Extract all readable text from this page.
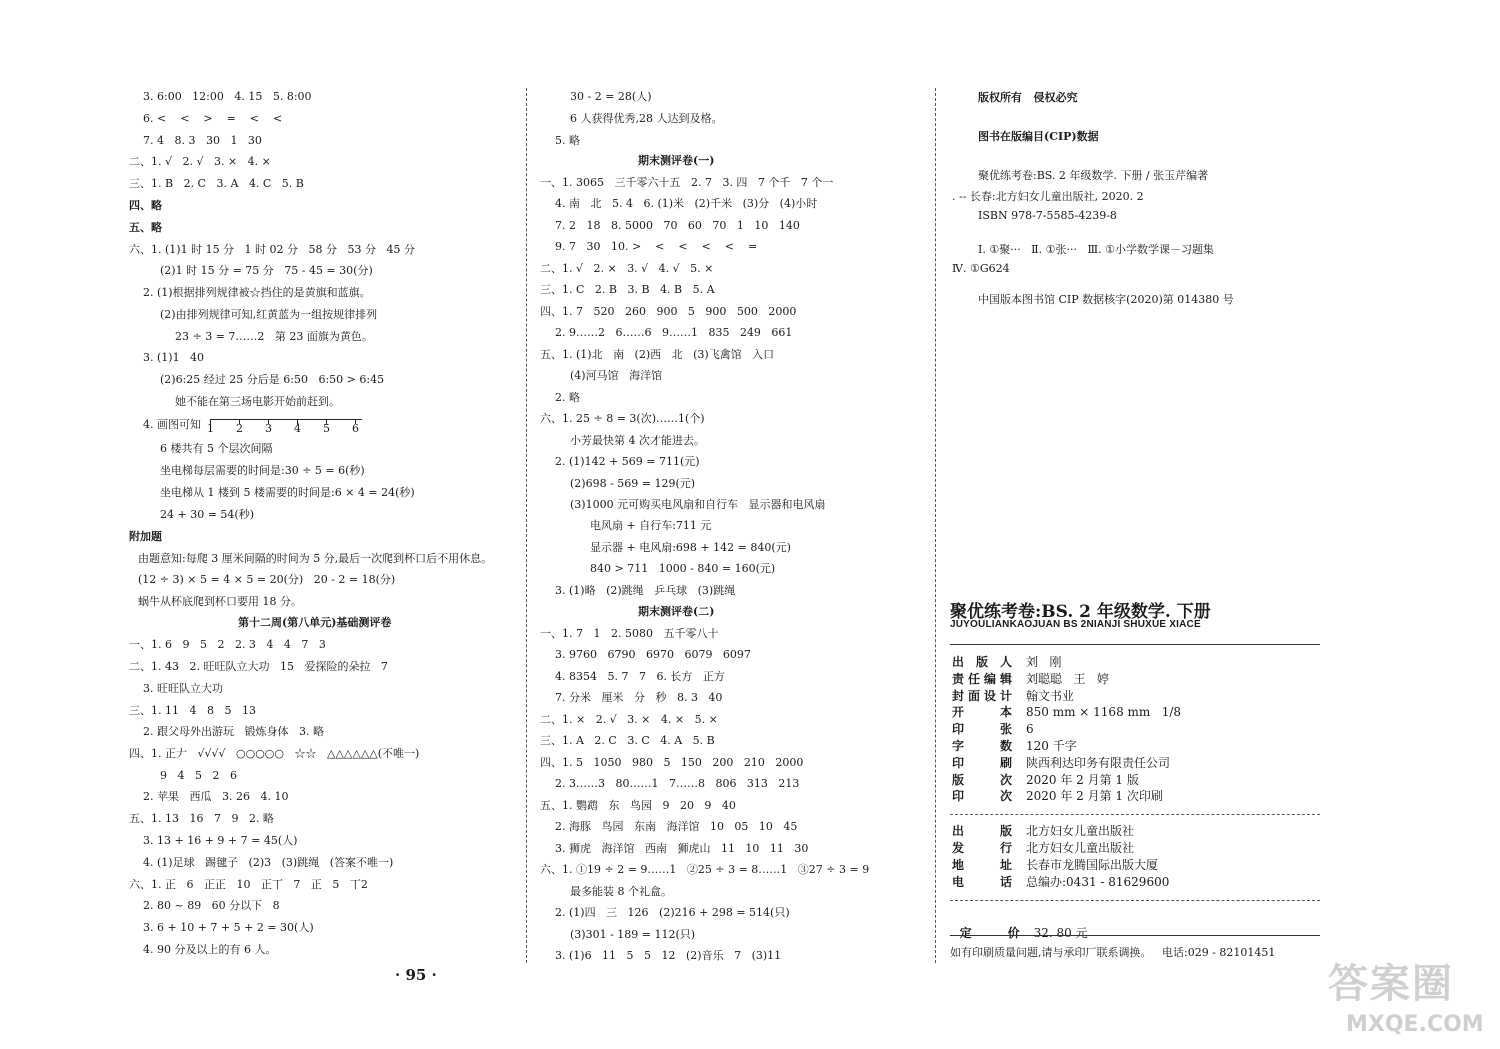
3. 6:00   12:00   4. 15   5. 8:00
6. <    <    >    =    <    <
7. 4   8. 3   30   1   30
二、1. √   2. √   3. ×   4. ×
三、1. B   2. C   3. A   4. C   5. B
四、略
五、略
六、1. (1)1 时 15 分   1 时 02 分   58 分   53 分   45 分
(2)1 时 15 分 = 75 分   75 - 45 = 30(分)
2. (1)根据排列规律被☆挡住的是黄旗和蓝旗。
(2)由排列规律可知,红黄蓝为一组按规律排列
23 ÷ 3 = 7……2   第 23 面旗为黄色。
3. (1)1   40
(2)6:25 经过 25 分后是 6:50   6:50 > 6:45
她不能在第三场电影开始前赶到。
4. 画图可知
6 楼共有 5 个层次间隔
坐电梯每层需要的时间是:30 ÷ 5 = 6(秒)
坐电梯从 1 楼到 5 楼需要的时间是:6 × 4 = 24(秒)
24 + 30 = 54(秒)
附加题
由题意知:每爬 3 厘米间隔的时间为 5 分,最后一次爬到杯口后不用休息。
(12 ÷ 3) × 5 = 4 × 5 = 20(分)   20 - 2 = 18(分)
蜗牛从杯底爬到杯口要用 18 分。
一、1. 6   9   5   2   2. 3   4   4   7   3
二、1. 43   2. 旺旺队立大功   15   爱探险的朵拉   7
3. 旺旺队立大功
三、1. 11   4   8   5   13
2. 跟父母外出游玩   锻炼身体   3. 略
四、1. 正𠂇   √√√√   ○○○○○   ☆☆   △△△△△△(不唯一)
9   4   5   2   6
2. 苹果   西瓜   3. 26   4. 10
五、1. 13   16   7   9   2. 略
3. 13 + 16 + 9 + 7 = 45(人)
4. (1)足球   踢毽子   (2)3   (3)跳绳   (答案不唯一)
六、1. 正   6   正正   10   正丅   7   正   5   丅2
2. 80 ~ 89   60 分以下   8
3. 6 + 10 + 7 + 5 + 2 = 30(人)
4. 90 分及以上的有 6 人。
第十二周(第八单元)基础测评卷
1 2 3 4 5 6
30 - 2 = 28(人)
6 人获得优秀,28 人达到及格。
5. 略
一、1. 3065   三千零六十五   2. 7   3. 四   7 个千   7 个一
4. 南   北   5. 4   6. (1)米   (2)千米   (3)分   (4)小时
7. 2   18   8. 5000   70   60   70   1   10   140
9. 7   30   10. >    <    <    <    <    =
二、1. √   2. ×   3. √   4. √   5. ×
三、1. C   2. B   3. B   4. B   5. A
四、1. 7   520   260   900   5   900   500   2000
2. 9……2   6……6   9……1   835   249   661
五、1. (1)北   南   (2)西   北   (3)飞禽馆   入口
(4)河马馆   海洋馆
2. 略
六、1. 25 ÷ 8 = 3(次)……1(个)
小芳最快第 4 次才能进去。
2. (1)142 + 569 = 711(元)
(2)698 - 569 = 129(元)
(3)1000 元可购买电风扇和自行车   显示器和电风扇
电风扇 + 自行车:711 元
显示器 + 电风扇:698 + 142 = 840(元)
840 > 711   1000 - 840 = 160(元)
3. (1)略   (2)跳绳   乒乓球   (3)跳绳
一、1. 7   1   2. 5080   五千零八十
3. 9760   6790   6970   6079   6097
4. 8354   5. 7   7   6. 长方   正方
7. 分米   厘米   分   秒   8. 3   40
二、1. ×   2. √   3. ×   4. ×   5. ×
三、1. A   2. C   3. C   4. A   5. B
四、1. 5   1050   980   5   150   200   210   2000
2. 3……3   80……1   7……8   806   313   213
五、1. 鹦鹉   东   鸟园   9   20   9   40
2. 海豚   鸟园   东南   海洋馆   10   05   10   45
3. 狮虎   海洋馆   西南   狮虎山   11   10   11   30
六、1. ①19 ÷ 2 = 9……1   ②25 ÷ 3 = 8……1   ③27 ÷ 3 = 9
最多能装 8 个礼盒。
2. (1)四   三   126   (2)216 + 298 = 514(只)
(3)301 - 189 = 112(只)
3. (1)6   11   5   5   12   (2)音乐   7   (3)11
· 95 ·
版权所有   侵权必究
图书在版编目(CIP)数据
聚优练考卷:BS. 2 年级数学. 下册 / 张玉芹编著
. -- 长春:北方妇女儿童出版社, 2020. 2
ISBN 978-7-5585-4239-8
Ⅰ. ①聚···   Ⅱ. ①张···   Ⅲ. ①小学数学课－习题集
Ⅳ. ①G624
中国版本图书馆 CIP 数据核字(2020)第 014380 号
聚优练考卷:BS. 2 年级数学. 下册
JUYOULIANKAOJUAN BS 2NIANJI SHUXUE XIACE
出版人 刘   刚
责任编辑 刘聪聪   王   婷
封面设计 翰文书业
开本 850 mm × 1168 mm   1/8
印张 6
字数 120 千字
印刷 陕西利达印务有限责任公司
版次 2020 年 2 月第 1 版
印次 2020 年 2 月第 1 次印刷
出版 北方妇女儿童出版社
发行 北方妇女儿童出版社
地址 长春市龙腾国际出版大厦
电话 总编办:0431 - 81629600

定价 32. 80 元

如有印刷质量问题,请与承印厂联系调换。   电话:029 - 82101451
答案圈
MXQE.COM
期末测评卷(一)
期末测评卷(二)
